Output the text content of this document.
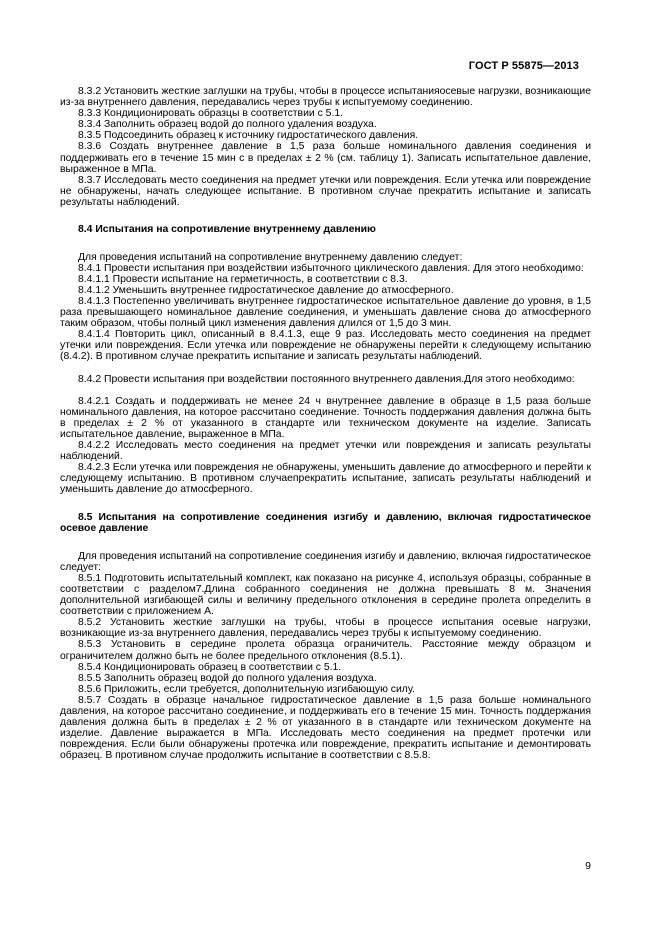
ГОСТ Р 55875—2013

8.3.2 Установить жесткие заглушки на трубы, чтобы в процессе испытанияосевые нагрузки, возникающие из-за внутреннего давления, передавались через трубы к испытуемому соединению.

8.3.3 Кондиционировать образцы в соответствии с 5.1.

8.3.4 Заполнить образец водой до полного удаления воздуха.

8.3.5 Подсоединить образец к источнику гидростатического давления.

8.3.6 Создать внутреннее давление в 1,5 раза больше номинального давления соединения и поддерживать его в течение 15 мин с в пределах ± 2 % (см. таблицу 1). Записать испытательное давление, выраженное в МПа.

8.3.7 Исследовать место соединения на предмет утечки или повреждения. Если утечка или повреждение не обнаружены, начать следующее испытание. В противном случае прекратить испытание и записать результаты наблюдений.

8.4 Испытания на сопротивление внутреннему давлению

Для проведения испытаний на сопротивление внутреннему давлению следует:

8.4.1 Провести испытания при воздействии избыточного циклического давления. Для этого необходимо:

8.4.1.1 Провести испытание на герметичность, в соответствии с 8.3.

8.4.1.2 Уменьшить внутреннее гидростатическое давление до атмосферного.

8.4.1.3 Постепенно увеличивать внутреннее гидростатическое испытательное давление до уровня, в 1,5 раза превышающего номинальное давление соединения, и уменьшать давление снова до атмосферного таким образом, чтобы полный цикл изменения давления длился от 1,5 до 3 мин.

8.4.1.4 Повторить цикл, описанный в 8.4.1.3, еще 9 раз. Исследовать место соединения на предмет утечки или повреждения. Если утечка или повреждение не обнаружены перейти к следующему испытанию (8.4.2). В противном случае прекратить испытание и записать результаты наблюдений.

8.4.2 Провести испытания при воздействии постоянного внутреннего давления.Для этого необходимо:

8.4.2.1 Создать и поддерживать не менее 24 ч внутреннее давление в образце в 1,5 раза больше номинального давления, на которое рассчитано соединение. Точность поддержания давления должна быть в пределах ± 2 % от указанного в стандарте или техническом документе на изделие. Записать испытательное давление, выраженное в МПа.

8.4.2.2 Исследовать место соединения на предмет утечки или повреждения и записать результаты наблюдений.

8.4.2.3 Если утечка или повреждения не обнаружены, уменьшить давление до атмосферного и перейти к следующему испытанию. В противном случаепрекратить испытание, записать результаты наблюдений и уменьшить давление до атмосферного.

8.5 Испытания на сопротивление соединения изгибу и давлению, включая гидростатическое осевое давление

Для проведения испытаний на сопротивление соединения изгибу и давлению, включая гидростатическое следует:

8.5.1 Подготовить испытательный комплект, как показано на рисунке 4, используя образцы, собранные в соответствии с разделом7.Длина собранного соединения не должна превышать 8 м. Значения дополнительной изгибающей силы и величину предельного отклонения в середине пролета определить в соответствии с приложением А.

8.5.2 Установить жесткие заглушки на трубы, чтобы в процессе испытания осевые нагрузки, возникающие из-за внутреннего давления, передавались через трубы к испытуемому соединению.

8.5.3 Установить в середине пролета образца ограничитель. Расстояние между образцом и ограничителем должно быть не более предельного отклонения (8.5.1).

8.5.4 Кондиционировать образец в соответствии с 5.1.

8.5.5 Заполнить образец водой до полного удаления воздуха.

8.5.6 Приложить, если требуется, дополнительную изгибающую силу.

8.5.7 Создать в образце начальное гидростатическое давление в 1,5 раза больше номинального давления, на которое рассчитано соединение, и поддерживать его в течение 15 мин. Точность поддержания давления должна быть в пределах ± 2 % от указанного в в стандарте или техническом документе на изделие. Давление выражается в МПа. Исследовать место соединения на предмет протечки или повреждения. Если были обнаружены протечка или повреждение, прекратить испытание и демонтировать образец. В противном случае продолжить испытание в соответствии с 8.5.8.

9
